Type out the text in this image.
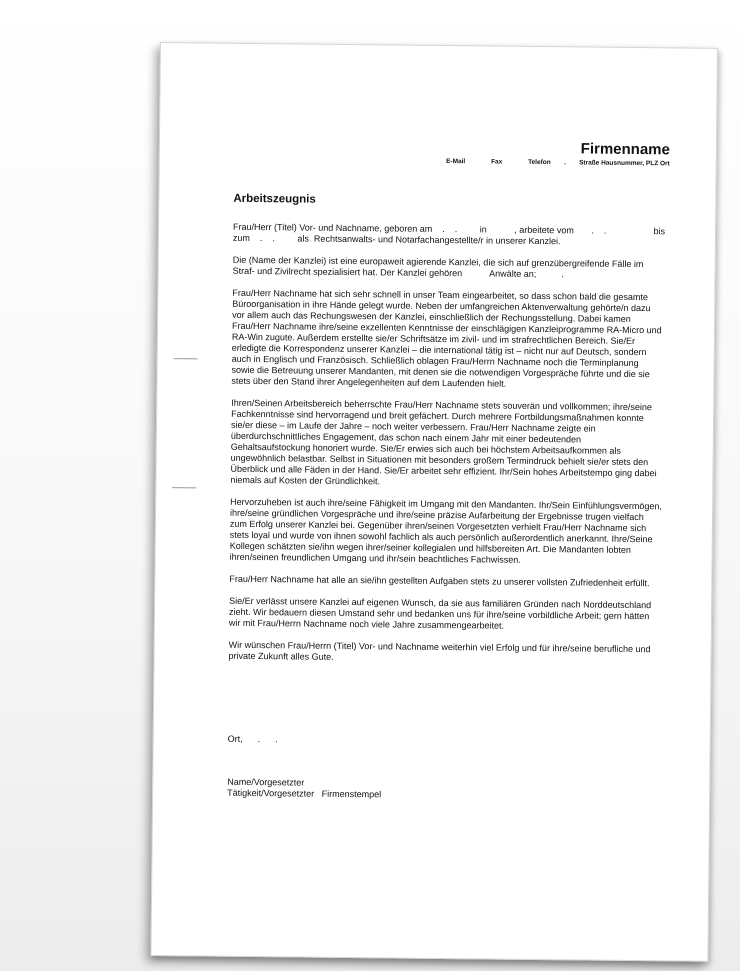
Firmenname
E-Mail	Fax	Telefon	.	Straße Hausnummer, PLZ Ort
Arbeitszeugnis

Frau/Herr (Titel) Vor- und Nachname, geboren am    .    .         in           , arbeitete vom       .    .	bis
zum    .    .         als  Rechtsanwalts- und Notarfachangestellte/r in unserer Kanzlei.

Die (Name der Kanzlei) ist eine europaweit agierende Kanzlei, die sich auf grenzübergreifende Fälle im Straf- und Zivilrecht spezialisiert hat. Der Kanzlei gehören           Anwälte an;          .

Frau/Herr Nachname hat sich sehr schnell in unser Team eingearbeitet, so dass schon bald die gesamte Büroorganisation in ihre Hände gelegt wurde. Neben der umfangreichen Aktenverwaltung gehörte/n dazu vor allem auch das Rechungswesen der Kanzlei, einschließlich der Rechungsstellung. Dabei kamen Frau/Herr Nachname ihre/seine exzellenten Kenntnisse der einschlägigen Kanzleiprogramme RA-Micro und RA-Win zugute. Außerdem erstellte sie/er Schriftsätze im zivil- und im strafrechtlichen Bereich. Sie/Er erledigte die Korrespondenz unserer Kanzlei – die international tätig ist – nicht nur auf Deutsch, sondern auch in Englisch und Französisch. Schließlich oblagen Frau/Herrn Nachname noch die Terminplanung sowie die Betreuung unserer Mandanten, mit denen sie die notwendigen Vorgespräche führte und die sie stets über den Stand ihrer Angelegenheiten auf dem Laufenden hielt.

Ihren/Seinen Arbeitsbereich beherrschte Frau/Herr Nachname stets souverän und vollkommen; ihre/seine Fachkenntnisse sind hervorragend und breit gefächert. Durch mehrere Fortbildungsmaßnahmen konnte sie/er diese – im Laufe der Jahre – noch weiter verbessern. Frau/Herr Nachname zeigte ein überdurchschnittliches Engagement, das schon nach einem Jahr mit einer bedeutenden Gehaltsaufstockung honoriert wurde. Sie/Er erwies sich auch bei höchstem Arbeitsaufkommen als ungewöhnlich belastbar. Selbst in Situationen mit besonders großem Termindruck behielt sie/er stets den Überblick und alle Fäden in der Hand. Sie/Er arbeitet sehr effizient. Ihr/Sein hohes Arbeitstempo ging dabei niemals auf Kosten der Gründlichkeit.

Hervorzuheben ist auch ihre/seine Fähigkeit im Umgang mit den Mandanten. Ihr/Sein Einfühlungsvermögen, ihre/seine gründlichen Vorgespräche und ihre/seine präzise Aufarbeitung der Ergebnisse trugen vielfach zum Erfolg unserer Kanzlei bei. Gegenüber ihren/seinen Vorgesetzten verhielt Frau/Herr Nachname sich stets loyal und wurde von ihnen sowohl fachlich als auch persönlich außerordentlich anerkannt. Ihre/Seine Kollegen schätzten sie/ihn wegen ihrer/seiner kollegialen und hilfsbereiten Art. Die Mandanten lobten ihren/seinen freundlichen Umgang und ihr/sein beachtliches Fachwissen.

Frau/Herr Nachname hat alle an sie/ihn gestellten Aufgaben stets zu unserer vollsten Zufriedenheit erfüllt.

Sie/Er verlässt unsere Kanzlei auf eigenen Wunsch, da sie aus familiären Gründen nach Norddeutschland zieht. Wir bedauern diesen Umstand sehr und bedanken uns für ihre/seine vorbildliche Arbeit; gern hätten wir mit Frau/Herrn Nachname noch viele Jahre zusammengearbeitet.

Wir wünschen Frau/Herrn (Titel) Vor- und Nachname weiterhin viel Erfolg und für ihre/seine berufliche und private Zukunft alles Gute.

Ort,      .      .
Name/Vorgesetzter
Tätigkeit/Vorgesetzter   Firmenstempel
